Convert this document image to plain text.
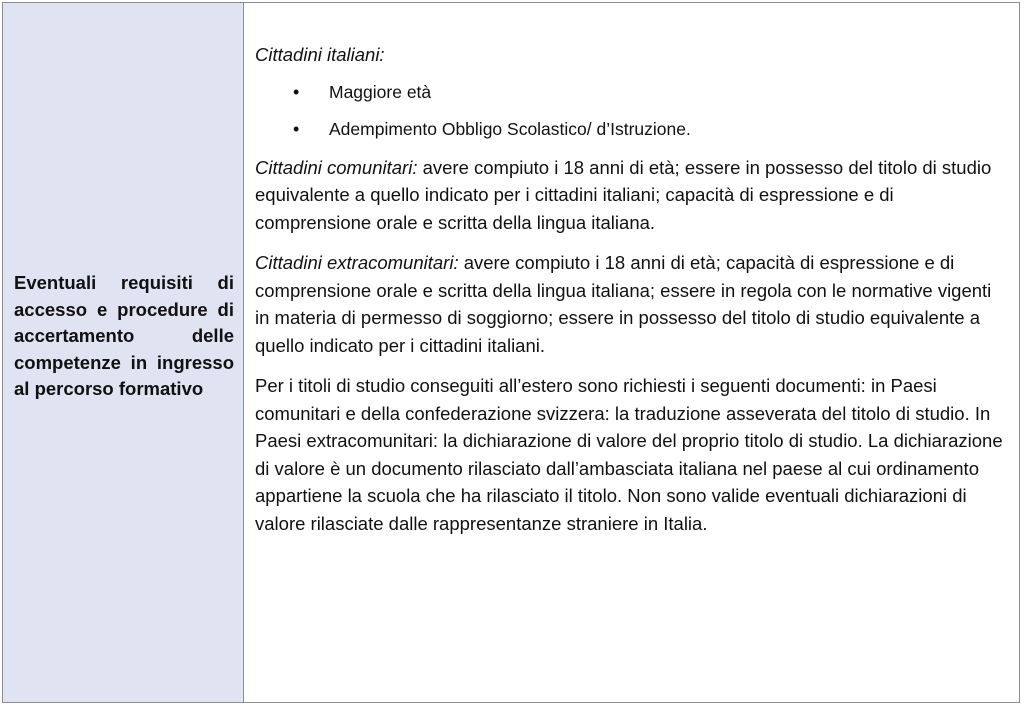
Eventuali requisiti di accesso e procedure di accertamento delle competenze in ingresso al percorso formativo

Cittadini italiani:

• Maggiore età
• Adempimento Obbligo Scolastico/ d’Istruzione.

Cittadini comunitari: avere compiuto i 18 anni di età; essere in possesso del titolo di studio equivalente a quello indicato per i cittadini italiani; capacità di espressione e di comprensione orale e scritta della lingua italiana.

Cittadini extracomunitari: avere compiuto i 18 anni di età; capacità di espressione e di comprensione orale e scritta della lingua italiana; essere in regola con le normative vigenti in materia di permesso di soggiorno; essere in possesso del titolo di studio equivalente a quello indicato per i cittadini italiani.

Per i titoli di studio conseguiti all’estero sono richiesti i seguenti documenti: in Paesi comunitari e della confederazione svizzera: la traduzione asseverata del titolo di studio. In Paesi extracomunitari: la dichiarazione di valore del proprio titolo di studio. La dichiarazione di valore è un documento rilasciato dall’ambasciata italiana nel paese al cui ordinamento appartiene la scuola che ha rilasciato il titolo. Non sono valide eventuali dichiarazioni di valore rilasciate dalle rappresentanze straniere in Italia.
